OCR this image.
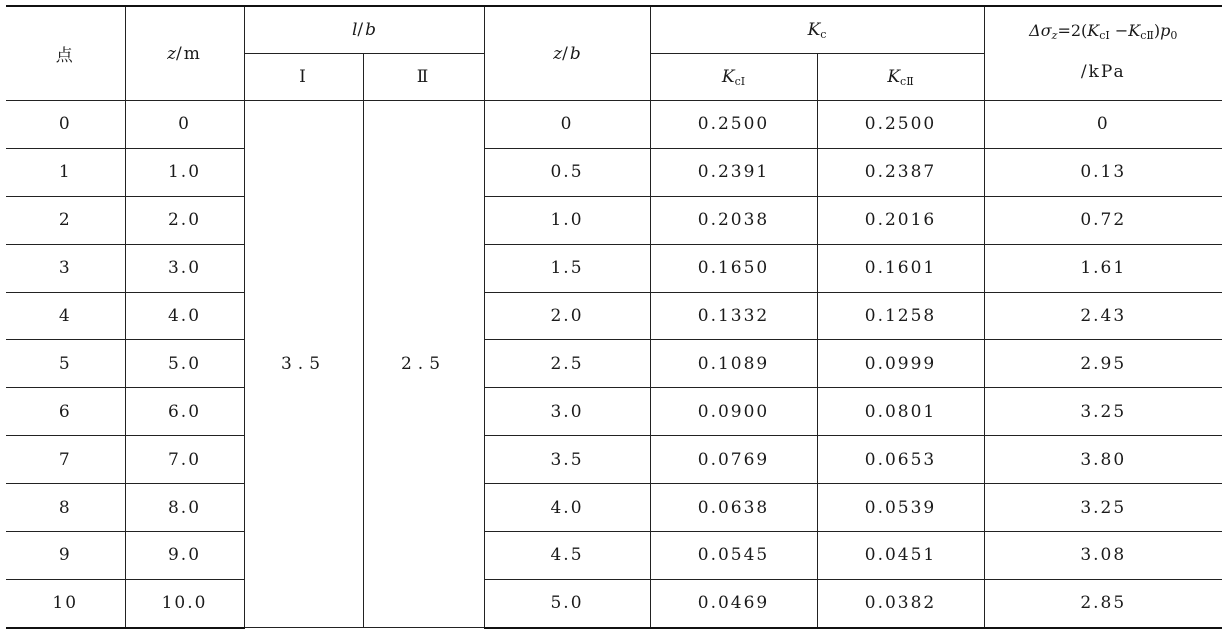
点	z/m	l/b		z/b	$K_c$		$\Delta\sigma_z=2(K_{cⅠ} -K_{cⅡ})p_0$
/kPa

		Ⅰ	Ⅱ		$K_{cⅠ}$	$K_{cⅡ}$
0	0	3.5	2.5	0	0.2500	0.2500	0
1	1.0			0.5	0.2391	0.2387	0.13
2	2.0			1.0	0.2038	0.2016	0.72
3	3.0			1.5	0.1650	0.1601	1.61
4	4.0			2.0	0.1332	0.1258	2.43
5	5.0			2.5	0.1089	0.0999	2.95
6	6.0			3.0	0.0900	0.0801	3.25
7	7.0			3.5	0.0769	0.0653	3.80
8	8.0			4.0	0.0638	0.0539	3.25
9	9.0			4.5	0.0545	0.0451	3.08
10	10.0			5.0	0.0469	0.0382	2.85
